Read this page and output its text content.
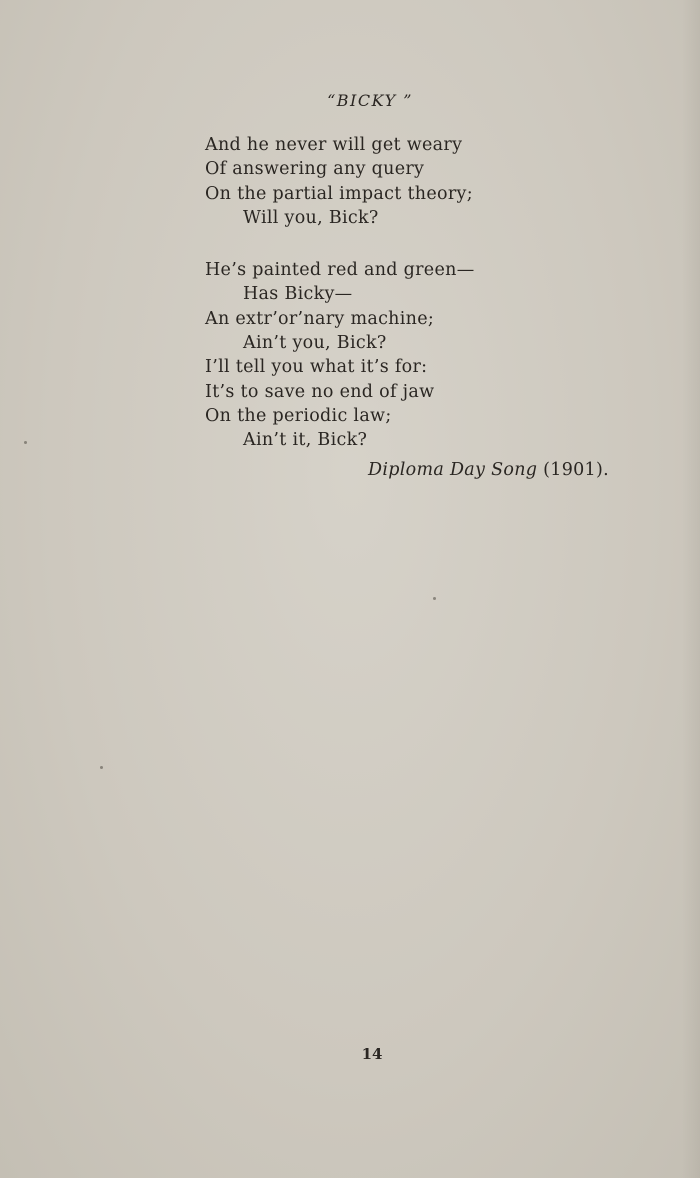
“BICKY ”
And he never will get weary
Of answering any query
On the partial impact theory;
Will you, Bick?
He’s painted red and green—
Has Bicky—
An extr’or’nary machine;
Ain’t you, Bick?
I’ll tell you what it’s for:
It’s to save no end of jaw
On the periodic law;
Ain’t it, Bick?
Diploma Day Song (1901).
14
